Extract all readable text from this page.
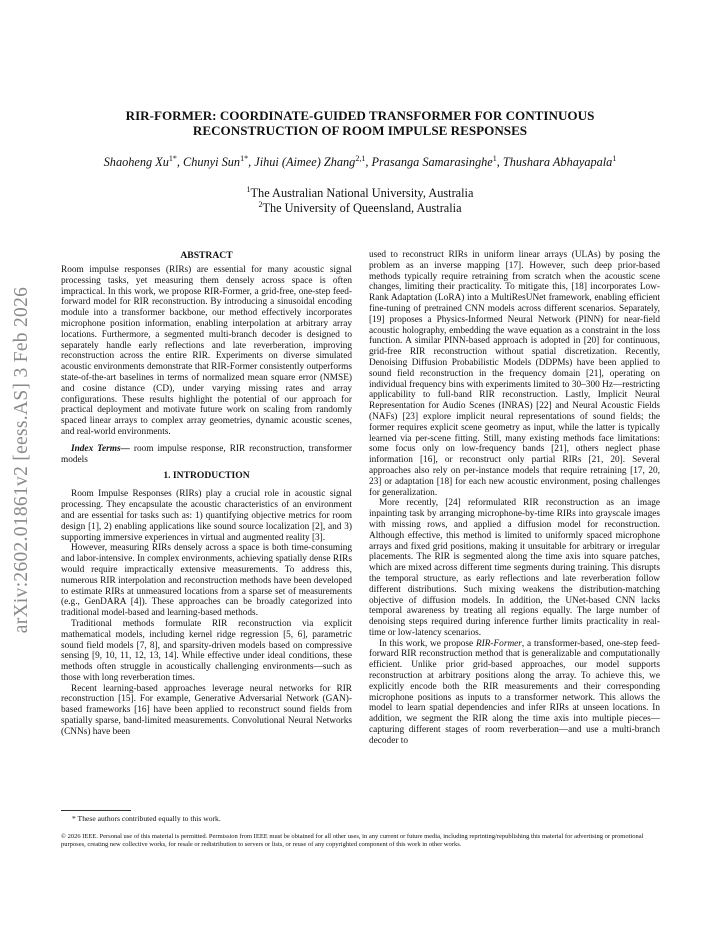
arXiv:2602.01861v2 [eess.AS] 3 Feb 2026
RIR-FORMER: COORDINATE-GUIDED TRANSFORMER FOR CONTINUOUS
RECONSTRUCTION OF ROOM IMPULSE RESPONSES
Shaoheng $Xu^{1*}$, Chunyi Sun$^{1*}$, Jihui (Aimee) Zhang$^{2,1}$, Prasanga Samarasinghe$^1$, Thushara Abhayapala$^1$
$^1$The Australian National University, Australia
$^2$The University of Queensland, Australia
ABSTRACT

Room impulse responses (RIRs) are essential for many acoustic signal processing tasks, yet measuring them densely across space is often impractical. In this work, we propose RIR-Former, a grid-free, one-step feed-forward model for RIR reconstruction. By introducing a sinusoidal encoding module into a transformer backbone, our method effectively incorporates microphone position information, enabling interpolation at arbitrary array locations. Furthermore, a segmented multi-branch decoder is designed to separately handle early reflections and late reverberation, improving reconstruction across the entire RIR. Experiments on diverse simulated acoustic environments demonstrate that RIR-Former consistently outperforms state-of-the-art baselines in terms of normalized mean square error (NMSE) and cosine distance (CD), under varying missing rates and array configurations. These results highlight the potential of our approach for practical deployment and motivate future work on scaling from randomly spaced linear arrays to complex array geometries, dynamic acoustic scenes, and real-world environments.

Index Terms— room impulse response, RIR reconstruction, transformer models

1. INTRODUCTION

Room Impulse Responses (RIRs) play a crucial role in acoustic signal processing. They encapsulate the acoustic characteristics of an environment and are essential for tasks such as: 1) quantifying objective metrics for room design [1], 2) enabling applications like sound source localization [2], and 3) supporting immersive experiences in virtual and augmented reality [3].

However, measuring RIRs densely across a space is both time-consuming and labor-intensive. In complex environments, achieving spatially dense RIRs would require impractically extensive measurements. To address this, numerous RIR interpolation and reconstruction methods have been developed to estimate RIRs at unmeasured locations from a sparse set of measurements (e.g., GenDARA [4]). These approaches can be broadly categorized into traditional model-based and learning-based methods.

Traditional methods formulate RIR reconstruction via explicit mathematical models, including kernel ridge regression [5, 6], parametric sound field models [7, 8], and sparsity-driven models based on compressive sensing [9, 10, 11, 12, 13, 14]. While effective under ideal conditions, these methods often struggle in acoustically challenging environments—such as those with long reverberation times.

Recent learning-based approaches leverage neural networks for RIR reconstruction [15]. For example, Generative Adversarial Network (GAN)-based frameworks [16] have been applied to reconstruct sound fields from spatially sparse, band-limited measurements. Convolutional Neural Networks (CNNs) have been

used to reconstruct RIRs in uniform linear arrays (ULAs) by posing the problem as an inverse mapping [17]. However, such deep prior-based methods typically require retraining from scratch when the acoustic scene changes, limiting their practicality. To mitigate this, [18] incorporates Low-Rank Adaptation (LoRA) into a MultiResUNet framework, enabling efficient fine-tuning of pretrained CNN models across different scenarios. Separately, [19] proposes a Physics-Informed Neural Network (PINN) for near-field acoustic holography, embedding the wave equation as a constraint in the loss function. A similar PINN-based approach is adopted in [20] for continuous, grid-free RIR reconstruction without spatial discretization. Recently, Denoising Diffusion Probabilistic Models (DDPMs) have been applied to sound field reconstruction in the frequency domain [21], operating on individual frequency bins with experiments limited to 30–300 Hz—restricting applicability to full-band RIR reconstruction. Lastly, Implicit Neural Representation for Audio Scenes (INRAS) [22] and Neural Acoustic Fields (NAFs) [23] explore implicit neural representations of sound fields; the former requires explicit scene geometry as input, while the latter is typically learned via per-scene fitting. Still, many existing methods face limitations: some focus only on low-frequency bands [21], others neglect phase information [16], or reconstruct only partial RIRs [21, 20]. Several approaches also rely on per-instance models that require retraining [17, 20, 23] or adaptation [18] for each new acoustic environment, posing challenges for generalization.

More recently, [24] reformulated RIR reconstruction as an image inpainting task by arranging microphone-by-time RIRs into grayscale images with missing rows, and applied a diffusion model for reconstruction. Although effective, this method is limited to uniformly spaced microphone arrays and fixed grid positions, making it unsuitable for arbitrary or irregular placements. The RIR is segmented along the time axis into square patches, which are mixed across different time segments during training. This disrupts the temporal structure, as early reflections and late reverberation follow different distributions. Such mixing weakens the distribution-matching objective of diffusion models. In addition, the UNet-based CNN lacks temporal awareness by treating all regions equally. The large number of denoising steps required during inference further limits practicality in real-time or low-latency scenarios.

In this work, we propose RIR-Former, a transformer-based, one-step feed-forward RIR reconstruction method that is generalizable and computationally efficient. Unlike prior grid-based approaches, our model supports reconstruction at arbitrary positions along the array. To achieve this, we explicitly encode both the RIR measurements and their corresponding microphone positions as inputs to a transformer network. This allows the model to learn spatial dependencies and infer RIRs at unseen locations. In addition, we segment the RIR along the time axis into multiple pieces—capturing different stages of room reverberation—and use a multi-branch decoder to

* These authors contributed equally to this work.
© 2026 IEEE. Personal use of this material is permitted. Permission from IEEE must be obtained for all other uses, in any current or future media, including reprinting/republishing this material for advertising or promotional purposes, creating new collective works, for resale or redistribution to servers or lists, or reuse of any copyrighted component of this work in other works.
